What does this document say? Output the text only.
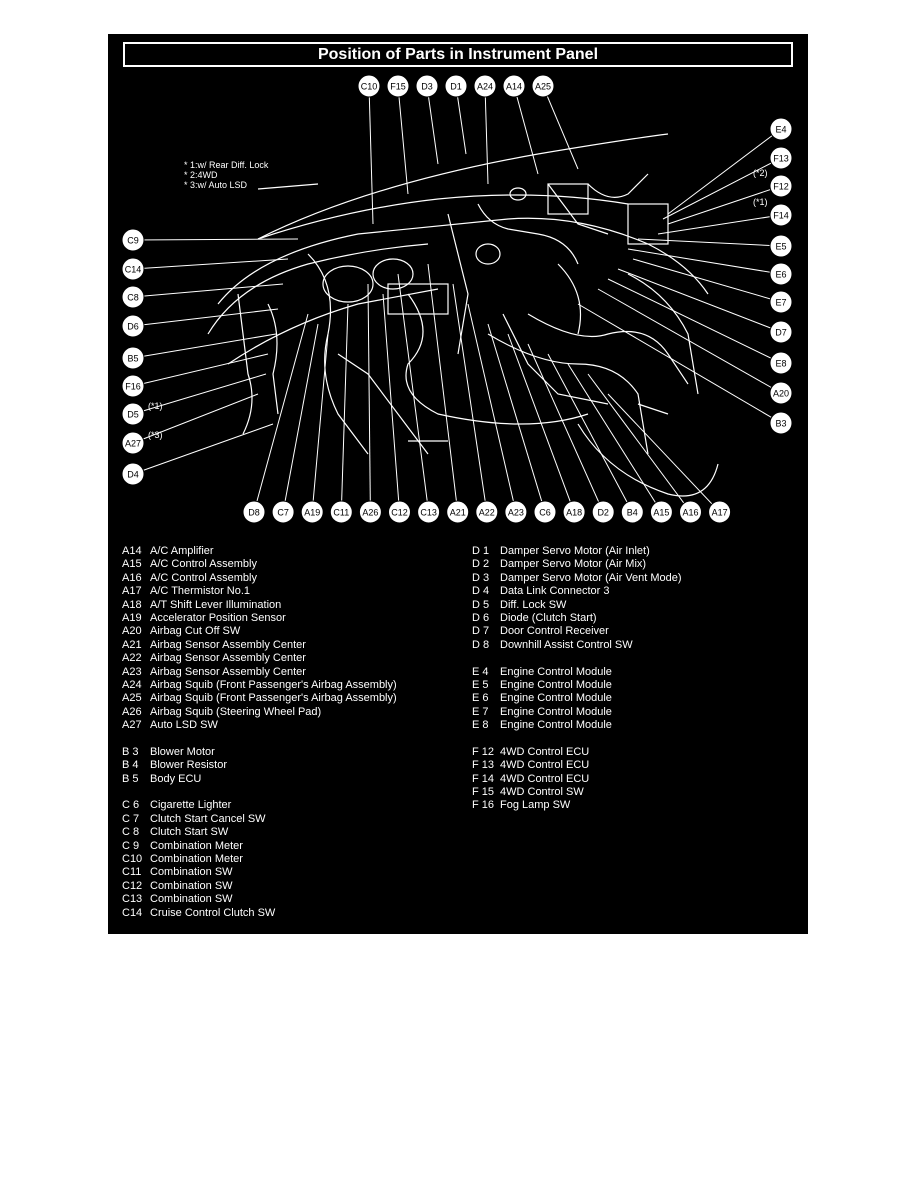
Position of Parts in Instrument Panel
* 1:w/ Rear Diff. Lock
* 2:4WD
* 3:w/ Auto LSD
C10 F15 D3 D1 A24 A14 A25
C9
C14
C8
D6
B5
F16
D5
(*1)
A27
(*3)
D4
E4
F13
F12
(*2)
F14
(*1)
E5
E6
E7
D7
E8
A20
B3
D8 C7 A19 C11 A26 C12 C13 A21 A22 A23 C6 A18 D2 B4 A15 A16 A17
A14 A/C Amplifier
A15 A/C Control Assembly
A16 A/C Control Assembly
A17 A/C Thermistor No.1
A18 A/T Shift Lever Illumination
A19 Accelerator Position Sensor
A20 Airbag Cut Off SW
A21 Airbag Sensor Assembly Center
A22 Airbag Sensor Assembly Center
A23 Airbag Sensor Assembly Center
A24 Airbag Squib (Front Passenger's Airbag Assembly)
A25 Airbag Squib (Front Passenger's Airbag Assembly)
A26 Airbag Squib (Steering Wheel Pad)
A27 Auto LSD SW
B 3 Blower Motor
B 4 Blower Resistor
B 5 Body ECU
C 6 Cigarette Lighter
C 7 Clutch Start Cancel SW
C 8 Clutch Start SW
C 9 Combination Meter
C10 Combination Meter
C11 Combination SW
C12 Combination SW
C13 Combination SW
C14 Cruise Control Clutch SW
D 1 Damper Servo Motor (Air Inlet)
D 2 Damper Servo Motor (Air Mix)
D 3 Damper Servo Motor (Air Vent Mode)
D 4 Data Link Connector 3
D 5 Diff. Lock SW
D 6 Diode (Clutch Start)
D 7 Door Control Receiver
D 8 Downhill Assist Control SW
E 4 Engine Control Module
E 5 Engine Control Module
E 6 Engine Control Module
E 7 Engine Control Module
E 8 Engine Control Module
F 12 4WD Control ECU
F 13 4WD Control ECU
F 14 4WD Control ECU
F 15 4WD Control SW
F 16 Fog Lamp SW
